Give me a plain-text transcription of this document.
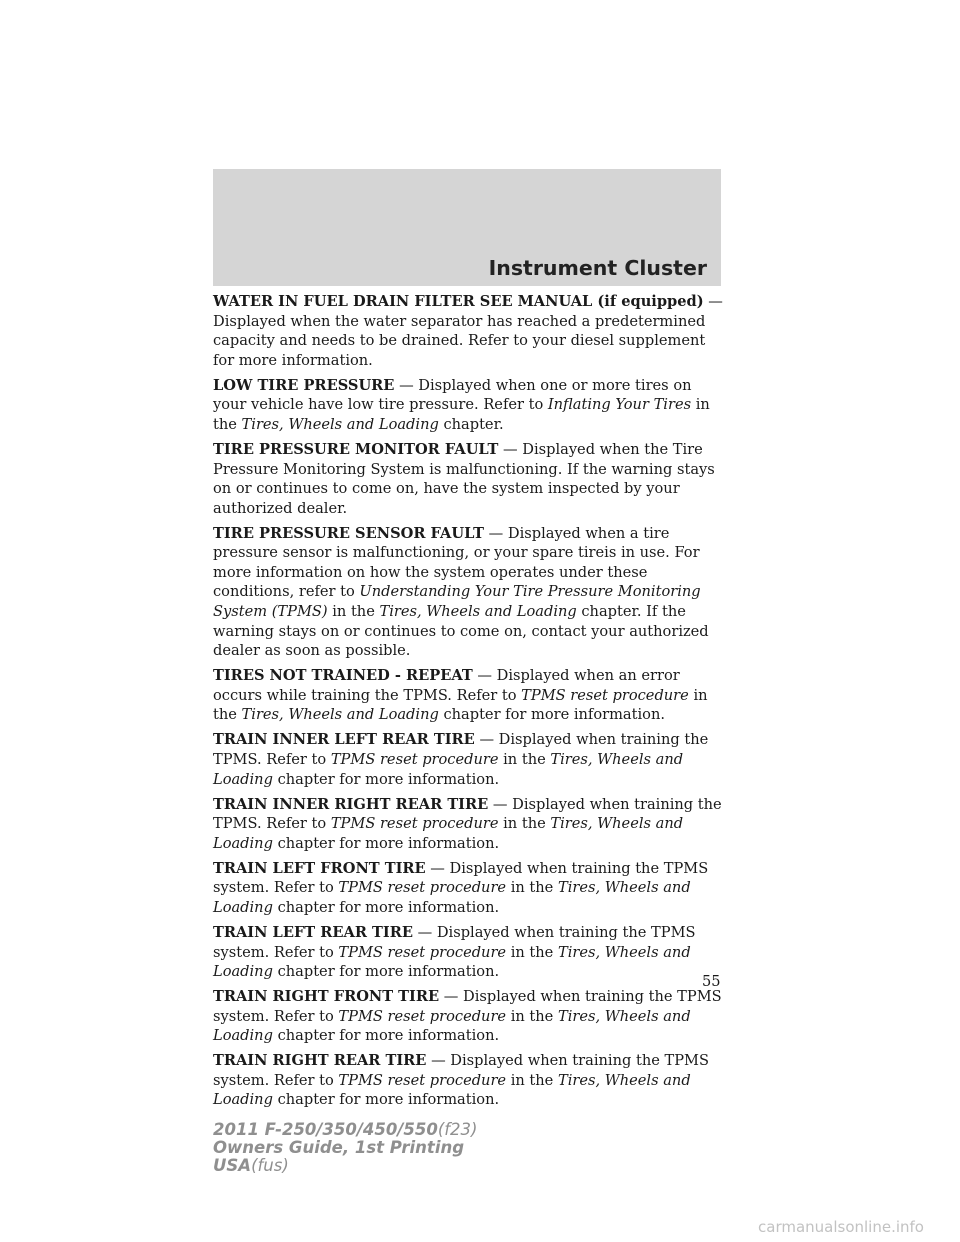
Instrument Cluster

WATER IN FUEL DRAIN FILTER SEE MANUAL (if equipped) — Displayed when the water separator has reached a predetermined capacity and needs to be drained. Refer to your diesel supplement for more information.

LOW TIRE PRESSURE — Displayed when one or more tires on your vehicle have low tire pressure. Refer to Inflating Your Tires in the Tires, Wheels and Loading chapter.

TIRE PRESSURE MONITOR FAULT — Displayed when the Tire Pressure Monitoring System is malfunctioning. If the warning stays on or continues to come on, have the system inspected by your authorized dealer.

TIRE PRESSURE SENSOR FAULT — Displayed when a tire pressure sensor is malfunctioning, or your spare tireis in use. For more information on how the system operates under these conditions, refer to Understanding Your Tire Pressure Monitoring System (TPMS) in the Tires, Wheels and Loading chapter. If the warning stays on or continues to come on, contact your authorized dealer as soon as possible.

TIRES NOT TRAINED - REPEAT — Displayed when an error occurs while training the TPMS. Refer to TPMS reset procedure in the Tires, Wheels and Loading chapter for more information.

TRAIN INNER LEFT REAR TIRE — Displayed when training the TPMS. Refer to TPMS reset procedure in the Tires, Wheels and Loading chapter for more information.

TRAIN INNER RIGHT REAR TIRE — Displayed when training the TPMS. Refer to TPMS reset procedure in the Tires, Wheels and Loading chapter for more information.

TRAIN LEFT FRONT TIRE — Displayed when training the TPMS system. Refer to TPMS reset procedure in the Tires, Wheels and Loading chapter for more information.

TRAIN LEFT REAR TIRE — Displayed when training the TPMS system. Refer to TPMS reset procedure in the Tires, Wheels and Loading chapter for more information.

TRAIN RIGHT FRONT TIRE — Displayed when training the TPMS system. Refer to TPMS reset procedure in the Tires, Wheels and Loading chapter for more information.

TRAIN RIGHT REAR TIRE — Displayed when training the TPMS system. Refer to TPMS reset procedure in the Tires, Wheels and Loading chapter for more information.

55
2011 F-250/350/450/550(f23)
Owners Guide, 1st Printing
USA(fus)
carmanualsonline.info
